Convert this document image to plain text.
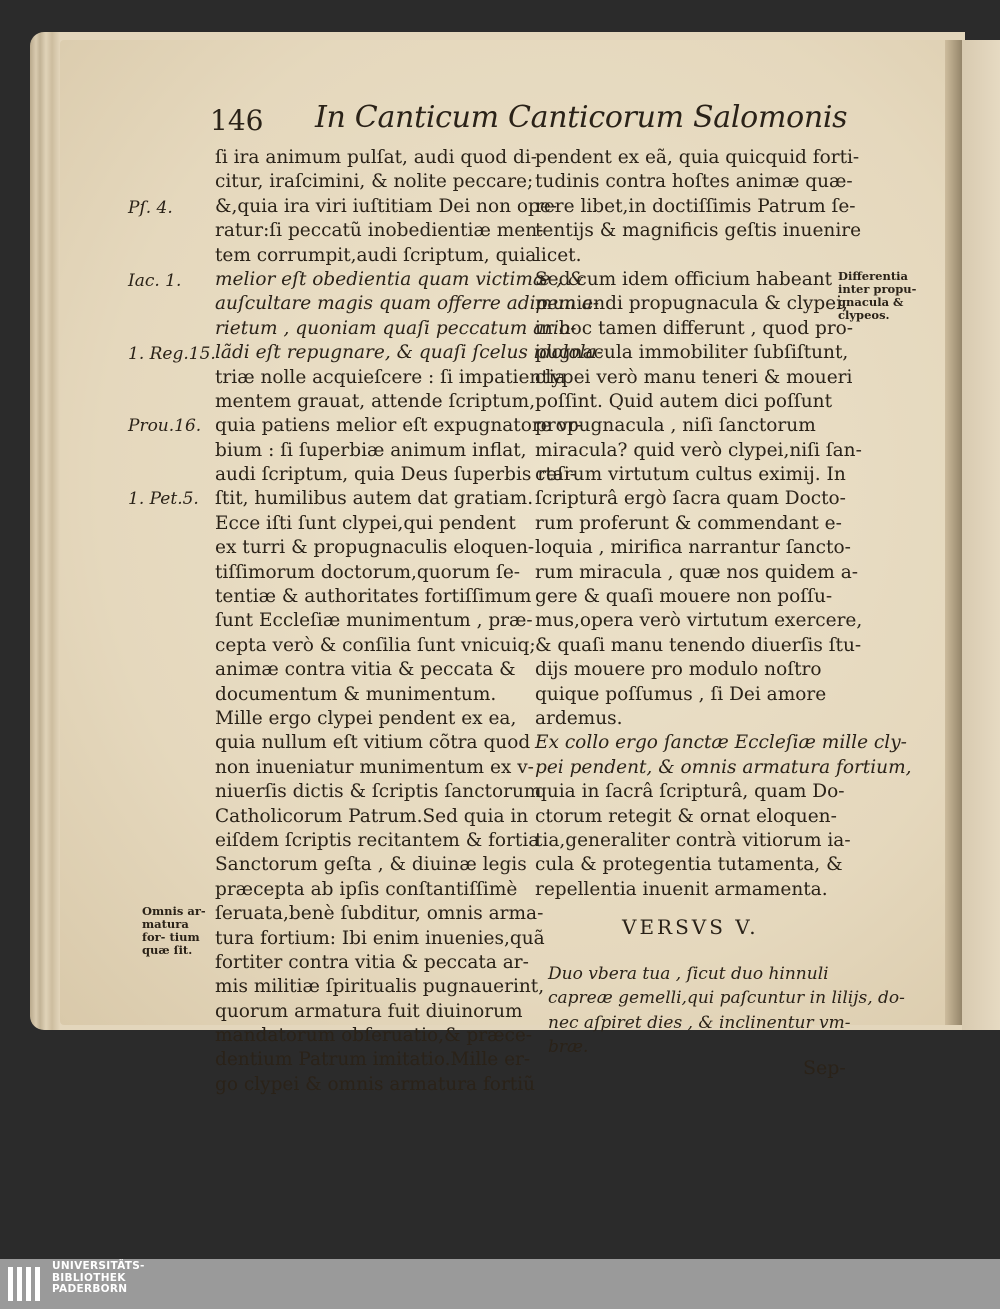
146 In Canticum Canticorum Salomonis
Pſ. 4.
Iac. 1.
1. Reg.15.
Prou.16.
1. Pet.5.
Differentia inter propu- gnacula & clypeos.
Omnis ar- matura for- tium quæ ſit.
ſi ira animum pulſat, audi quod di-
citur, iraſcimini, & nolite peccare;
&,quia ira viri iuſtitiam Dei non ope-
ratur:ſi peccatũ inobedientiæ men-
tem corrumpit,audi ſcriptum, quia
melior eſt obedientia quam victimæ , &
auſcultare magis quam offerre adipem a-
rietum , quoniam quaſi peccatum ario-
lãdi eſt repugnare, & quaſi ſcelus idolola-
triæ nolle acquieſcere : ſi impatientia
mentem grauat, attende ſcriptum,
quia patiens melior eſt expugnatore vr-
bium : ſi ſuperbiæ animum inflat,
audi ſcriptum, quia Deus ſuperbis reſi-
ſtit, humilibus autem dat gratiam.
Ecce iſti ſunt clypei,qui pendent
ex turri & propugnaculis eloquen-
tiſſimorum doctorum,quorum ſe-
tentiæ & authoritates fortiſſimum
ſunt Eccleſiæ munimentum , præ-
cepta verò & conſilia ſunt vnicuiq;
animæ contra vitia & peccata &
documentum & munimentum.
Mille ergo clypei pendent ex ea,
quia nullum eſt vitium cõtra quod
non inueniatur munimentum ex v-
niuerſis dictis & ſcriptis ſanctorum
Catholicorum Patrum.Sed quia in
eiſdem ſcriptis recitantem & fortia
Sanctorum geſta , & diuinæ legis
præcepta ab ipſis conſtantiſſimè
ſeruata,benè ſubditur, omnis arma-
tura fortium: Ibi enim inuenies,quã
fortiter contra vitia & peccata ar-
mis militiæ ſpiritualis pugnauerint,
quorum armatura fuit diuinorum
mandatorum obſeruatio,& præce-
dentium Patrum imitatio.Mille er-
go clypei & omnis armatura fortiũ
pendent ex eã, quia quicquid forti-
tudinis contra hoſtes animæ quæ-
rere libet,in doctiſſimis Patrum ſe-
tentijs & magnificis geſtis inuenire
licet.
Sed cum idem officium habeant
muniendi propugnacula & clypei,
in hoc tamen differunt , quod pro-
pugnacula immobiliter ſubſiſtunt,
clypei verò manu teneri & moueri
poſſint. Quid autem dici poſſunt
propugnacula , niſi ſanctorum
miracula? quid verò clypei,niſi ſan-
ctarum virtutum cultus eximij. In
ſcripturâ ergò ſacra quam Docto-
rum proferunt & commendant e-
loquia , mirifica narrantur ſancto-
rum miracula , quæ nos quidem a-
gere & quaſi mouere non poſſu-
mus,opera verò virtutum exercere,
& quaſi manu tenendo diuerſis ſtu-
dijs mouere pro modulo noſtro
quique poſſumus , ſi Dei amore
ardemus.
Ex collo ergo ſanctæ Eccleſiæ mille cly-
pei pendent, & omnis armatura fortium,
quia in ſacrâ ſcripturâ, quam Do-
ctorum retegit & ornat eloquen-
tia,generaliter contrà vitiorum ia-
cula & protegentia tutamenta, &
repellentia inuenit armamenta.
VERSVS V.
Duo vbera tua , ſicut duo hinnuli
capreæ gemelli,qui paſcuntur in lilijs, do-
nec aſpiret dies , & inclinentur vm-
bræ.
Sep-
UNIVERSITÄTS-
BIBLIOTHEK
PADERBORN
